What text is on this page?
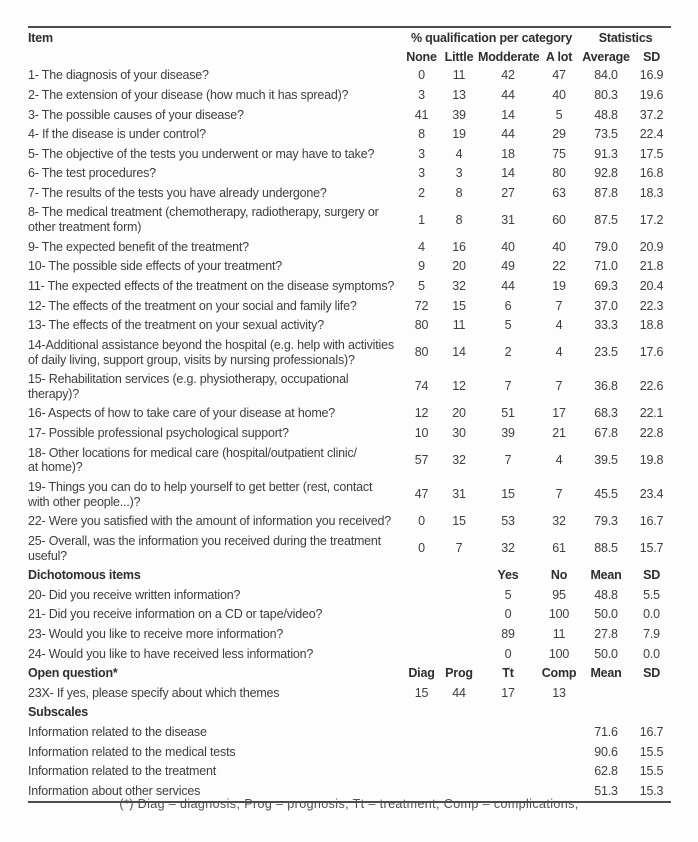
Item	% qualification per category				Statistics	
	None	Little	Modderate	A lot	Average	SD
1- The diagnosis of your disease?	0	11	42	47	84.0	16.9
2- The extension of your disease (how much it has spread)?	3	13	44	40	80.3	19.6
3- The possible causes of your disease?	41	39	14	5	48.8	37.2
4- If the disease is under control?	8	19	44	29	73.5	22.4
5- The objective of the tests you underwent or may have to take?	3	4	18	75	91.3	17.5
6- The test procedures?	3	3	14	80	92.8	16.8
7- The results of the tests you have already undergone?	2	8	27	63	87.8	18.3
8- The medical treatment (chemotherapy, radiotherapy, surgery or
other treatment form)	1	8	31	60	87.5	17.2
9- The expected benefit of the treatment?	4	16	40	40	79.0	20.9
10- The possible side effects of your treatment?	9	20	49	22	71.0	21.8
11- The expected effects of the treatment on the disease symptoms?	5	32	44	19	69.3	20.4
12- The effects of the treatment on your social and family life?	72	15	6	7	37.0	22.3
13- The effects of the treatment on your sexual activity?	80	11	5	4	33.3	18.8
14-Additional assistance beyond the hospital (e.g. help with activities
of daily living, support group, visits by nursing professionals)?	80	14	2	4	23.5	17.6
15- Rehabilitation services (e.g. physiotherapy, occupational
therapy)?	74	12	7	7	36.8	22.6
16- Aspects of how to take care of your disease at home?	12	20	51	17	68.3	22.1
17- Possible professional psychological support?	10	30	39	21	67.8	22.8
18- Other locations for medical care (hospital/outpatient clinic/
at home)?	57	32	7	4	39.5	19.8
19- Things you can do to help yourself to get better (rest, contact
with other people...)?	47	31	15	7	45.5	23.4
22- Were you satisfied with the amount of information you received?	0	15	53	32	79.3	16.7
25- Overall, was the information you received during the treatment
useful?	0	7	32	61	88.5	15.7
Dichotomous items			Yes	No	Mean	SD
20- Did you receive written information?			5	95	48.8	5.5
21- Did you receive information on a CD or tape/video?			0	100	50.0	0.0
23- Would you like to receive more information?			89	11	27.8	7.9
24- Would you like to have received less information?			0	100	50.0	0.0
Open question*	Diag	Prog	Tt	Comp	Mean	SD
23X- If yes, please specify about which themes	15	44	17	13		
Subscales						
Information related to the disease					71.6	16.7
Information related to the medical tests					90.6	15.5
Information related to the treatment					62.8	15.5
Information about other services					51.3	15.3
(*) Diag – diagnosis; Prog – prognosis; Tt – treatment; Comp – complications;
